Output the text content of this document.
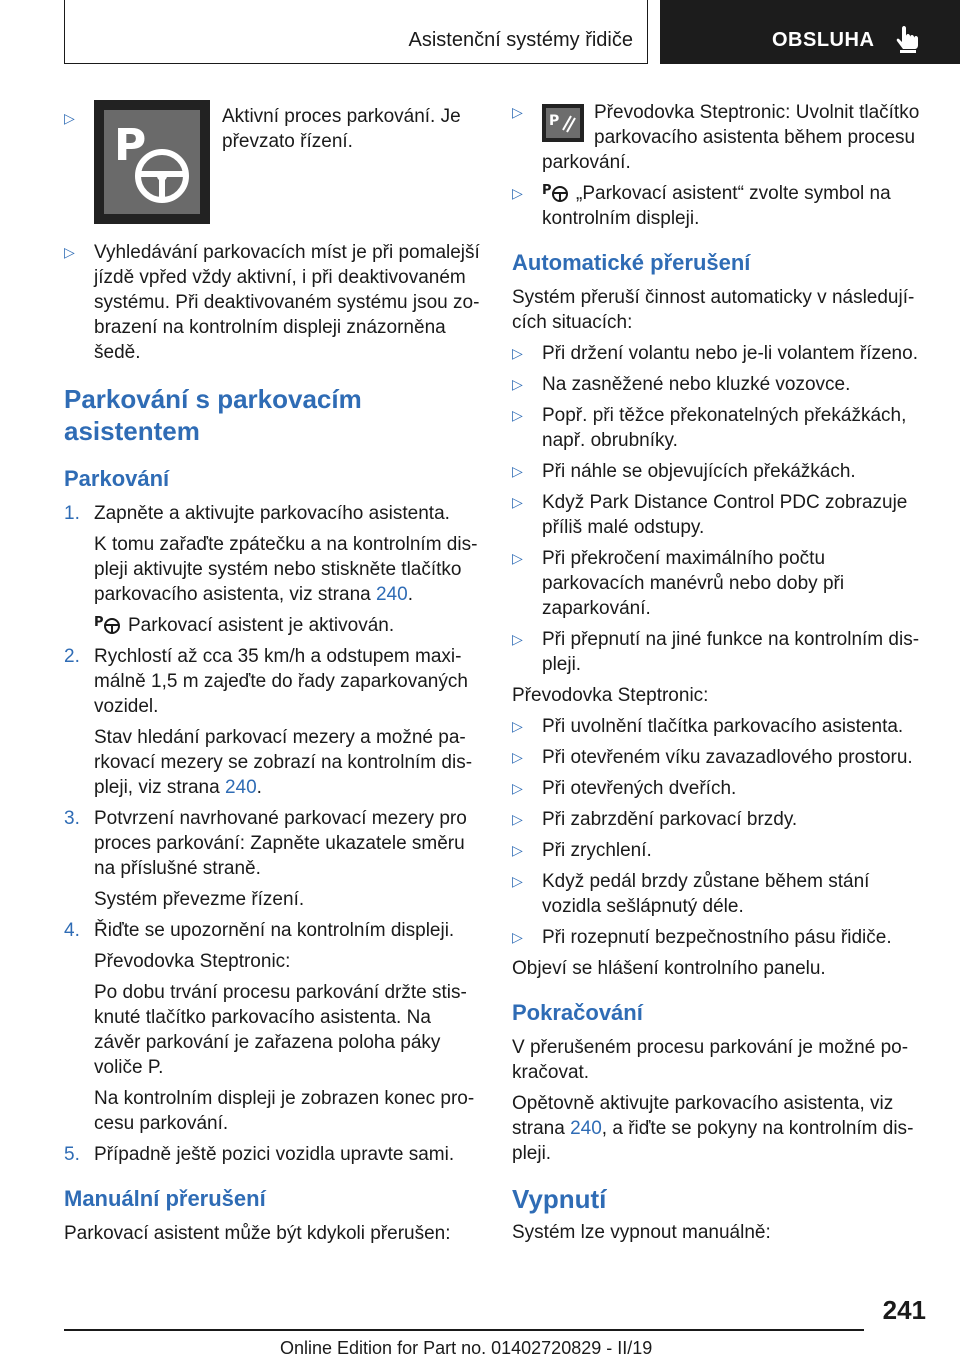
Asistenční systémy řidiče	OBSLUHA
▷
P

Aktivní proces parkování. Je převzato řízení.

▷ Vyhledávání parkovacích míst je při pomalejší jízdě vpřed vždy aktivní, i při deaktivovaném systému. Při deaktivovaném systému jsou zobrazení na kontrolním displeji znázorněna šedě.

Parkování s parkovacím asistentem
Parkování
1. Zapněte a aktivujte parkovacího asistenta.

K tomu zařaďte zpátečku a na kontrolním displeji aktivujte systém nebo stiskněte tlačítko parkovacího asistenta, viz strana 240.

P Parkovací asistent je aktivován.

2. Rychlostí až cca 35 km/h a odstupem maximálně 1,5 m zajeďte do řady zaparkovaných vozidel.

Stav hledání parkovací mezery a možné parkovací mezery se zobrazí na kontrolním displeji, viz strana 240.

3. Potvrzení navrhované parkovací mezery pro proces parkování: Zapněte ukazatele směru na příslušné straně.

Systém převezme řízení.

4. Řiďte se upozornění na kontrolním displeji.

Převodovka Steptronic:

Po dobu trvání procesu parkování držte stisknuté tlačítko parkovacího asistenta. Na závěr parkování je zařazena poloha páky voliče P.

Na kontrolním displeji je zobrazen konec procesu parkování.

5. Případně ještě pozici vozidla upravte sami.

Manuální přerušení

Parkovací asistent může být kdykoli přerušen:

▷
P	Převodovka Steptronic: Uvolnit tlačítko parkovacího asistenta během procesu parkování.

▷ P „Parkovací asistent“ zvolte symbol na kontrolním displeji.

Automatické přerušení

Systém přeruší činnost automaticky v následujících situacích:

▷ Při držení volantu nebo je-li volantem řízeno.

▷ Na zasněžené nebo kluzké vozovce.

▷ Popř. při těžce překonatelných překážkách, např. obrubníky.

▷ Při náhle se objevujících překážkách.

▷ Když Park Distance Control PDC zobrazuje příliš malé odstupy.

▷ Při překročení maximálního počtu parkovacích manévrů nebo doby při zaparkování.

▷ Při přepnutí na jiné funkce na kontrolním displeji.

Převodovka Steptronic:

▷ Při uvolnění tlačítka parkovacího asistenta.

▷ Při otevřeném víku zavazadlového prostoru.

▷ Při otevřených dveřích.

▷ Při zabrzdění parkovací brzdy.

▷ Při zrychlení.

▷ Když pedál brzdy zůstane během stání vozidla sešlápnutý déle.

▷ Při rozepnutí bezpečnostního pásu řidiče.

Objeví se hlášení kontrolního panelu.

Pokračování

V přerušeném procesu parkování je možné pokračovat.

Opětovně aktivujte parkovacího asistenta, viz strana 240, a řiďte se pokyny na kontrolním displeji.

Vypnutí

Systém lze vypnout manuálně:

241
Online Edition for Part no. 01402720829 - II/19
